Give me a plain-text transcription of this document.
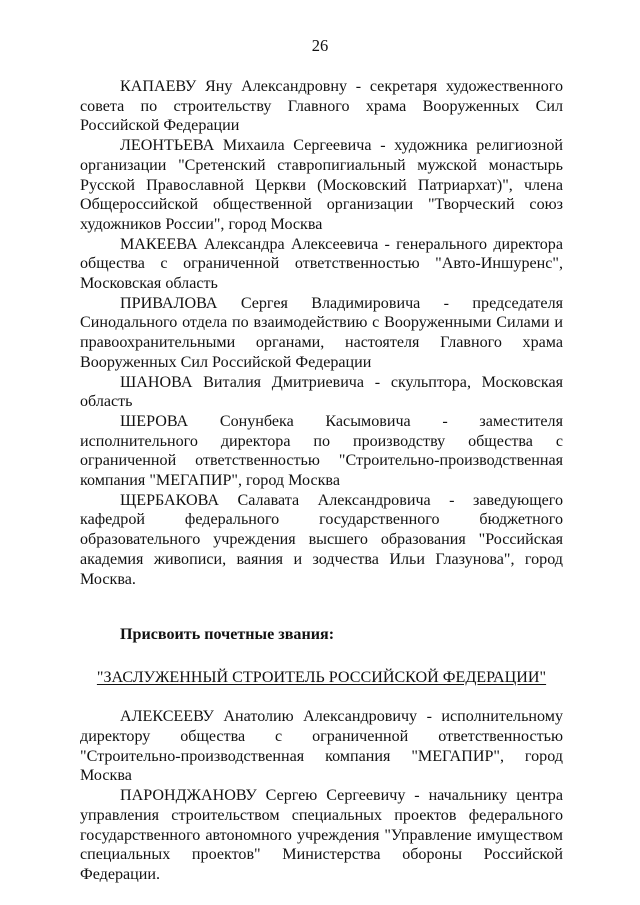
26

КАПАЕВУ Яну Александровну - секретаря художественного совета по строительству Главного храма Вооруженных Сил Российской Федерации

ЛЕОНТЬЕВА Михаила Сергеевича - художника религиозной организации "Сретенский ставропигиальный мужской монастырь Русской Православной Церкви (Московский Патриархат)", члена Общероссийской общественной организации "Творческий союз художников России", город Москва

МАКЕЕВА Александра Алексеевича - генерального директора общества с ограниченной ответственностью "Авто-Иншуренс", Московская область

ПРИВАЛОВА Сергея Владимировича - председателя Синодального отдела по взаимодействию с Вооруженными Силами и правоохранительными органами, настоятеля Главного храма Вооруженных Сил Российской Федерации

ШАНОВА Виталия Дмитриевича - скульптора, Московская область

ШЕРОВА Сонунбека Касымовича - заместителя исполнительного директора по производству общества с ограниченной ответственностью "Строительно-производственная компания "МЕГАПИР", город Москва

ЩЕРБАКОВА Салавата Александровича - заведующего кафедрой федерального государственного бюджетного образовательного учреждения высшего образования "Российская академия живописи, ваяния и зодчества Ильи Глазунова", город Москва.

Присвоить почетные звания:

"ЗАСЛУЖЕННЫЙ СТРОИТЕЛЬ РОССИЙСКОЙ ФЕДЕРАЦИИ"

АЛЕКСЕЕВУ Анатолию Александровичу - исполнительному директору общества с ограниченной ответственностью "Строительно-производственная компания "МЕГАПИР", город Москва

ПАРОНДЖАНОВУ Сергею Сергеевичу - начальнику центра управления строительством специальных проектов федерального государственного автономного учреждения "Управление имуществом специальных проектов" Министерства обороны Российской Федерации.
